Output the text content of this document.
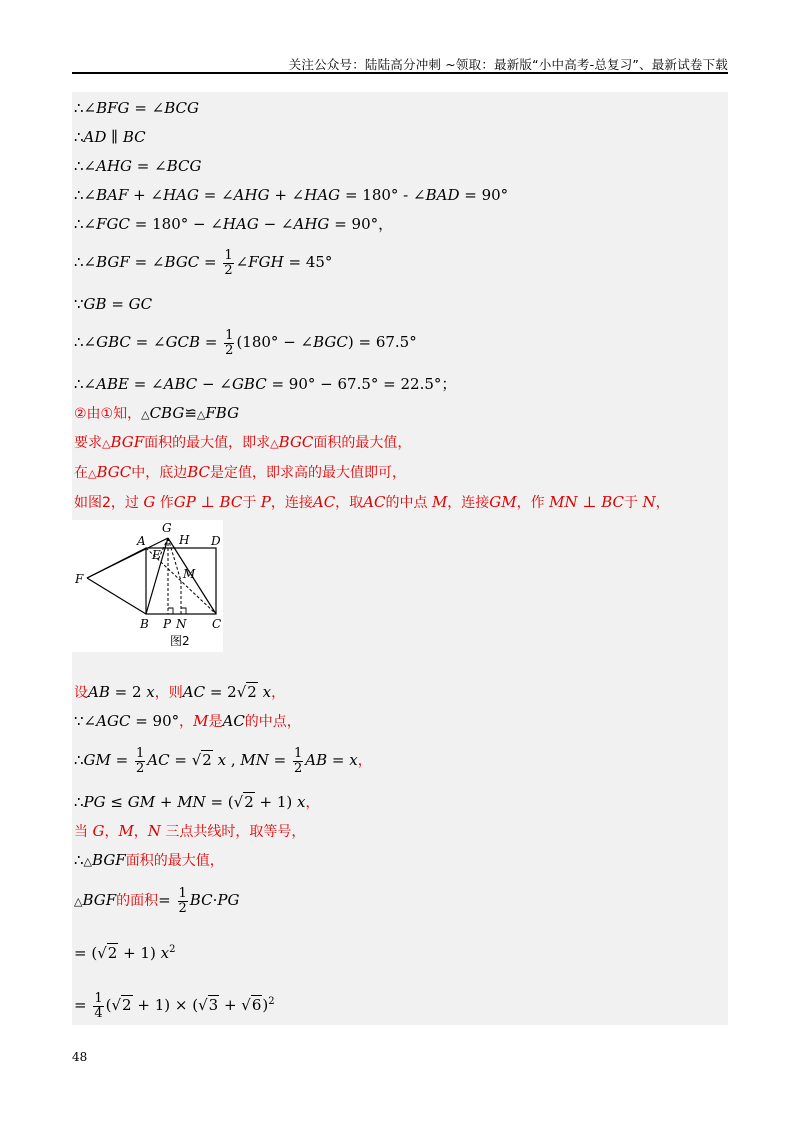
关注公众号：陆陆高分冲刺 ~领取：最新版“小中高考-总复习”、最新试卷下载
∴∠BFG = ∠BCG
∴AD ∥ BC
∴∠AHG = ∠BCG
∴∠BAF + ∠HAG = ∠AHG + ∠HAG = 180° - ∠BAD = 90°
∴∠FGC = 180° − ∠HAG − ∠AHG = 90°，
∴∠BGF = ∠BGC = $\frac{1}{2}$ ∠FGH = 45°
∵GB = GC
∴∠GBC = ∠GCB = $\frac{1}{2} (180^\circ$ − ∠BGC) = 67.5°
∴∠ABE = ∠ABC − ∠GBC = 90° − 67.5° = 22.5°；
②由①知，△CBG≌△FBG
要求△BGF面积的最大值，即求△BGC面积的最大值，
在△BGC中，底边BC是定值，即求高的最大值即可，
如图2，过 G 作GP ⊥ BC于 P，连接AC，取AC的中点 M，连接GM，作 MN ⊥ BC于 N，
G
H
A	D
E
M
F
B P N C
图2
设AB = 2 x，则AC = 2√2 x，
∵∠AGC = 90°，M是AC的中点，
∴GM = $\frac{1}{2}$ AC = √2 x , MN = $\frac{1}{2}$ AB = x，
∴PG ≤ GM + MN = (√2 + 1) x，
当 G，M，N 三点共线时，取等号，
∴△BGF面积的最大值，
△BGF的面积= $\frac{1}{2} BC\cdot PG$
= (√2 + 1) $x^2$
= $\frac{1}{4} (√2 + 1) \times (√3 + √6)^2$
48
